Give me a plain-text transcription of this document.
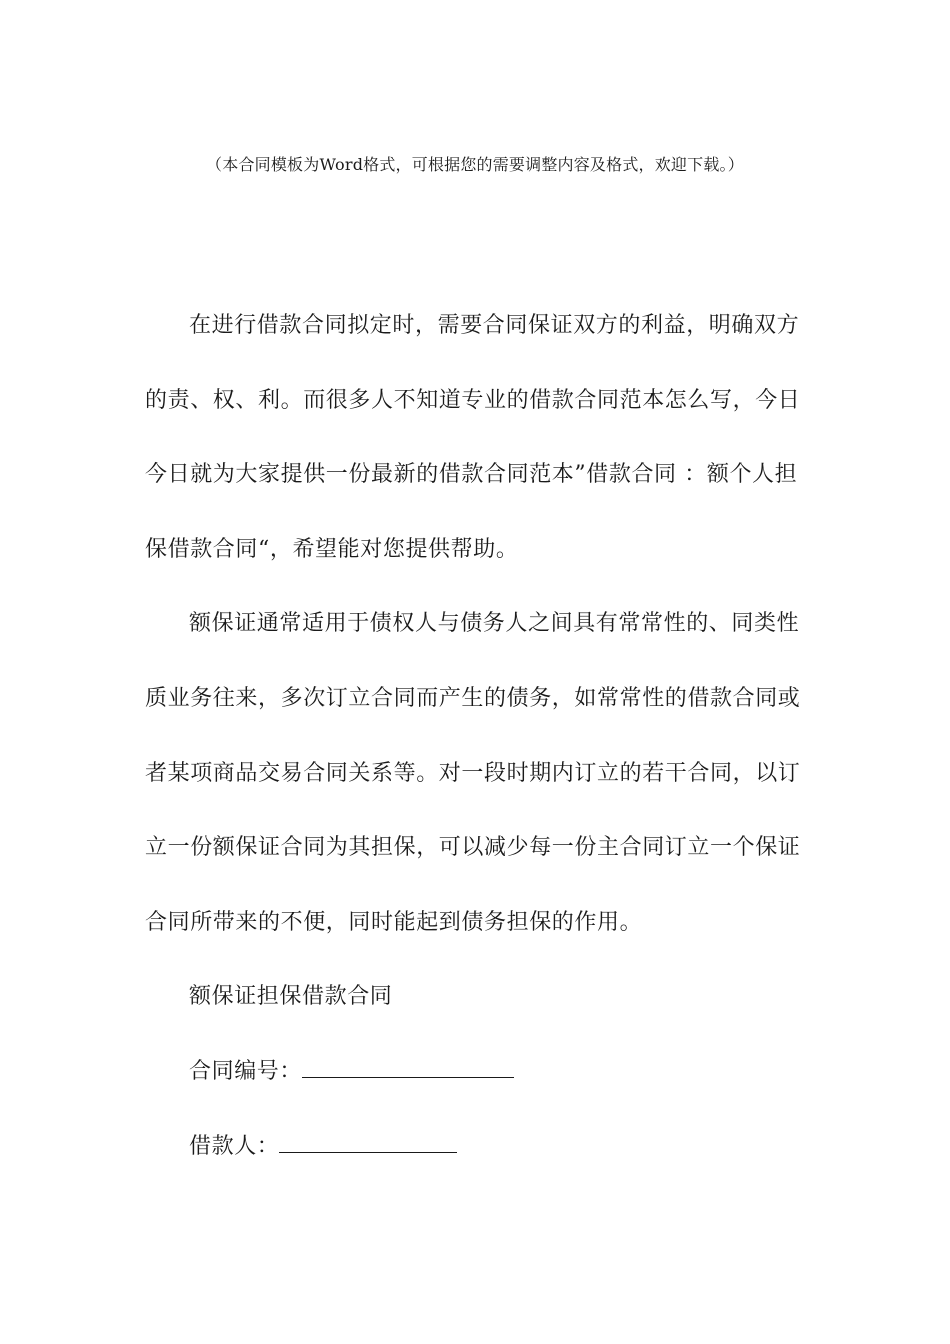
（本合同模板为Word格式，可根据您的需要调整内容及格式，欢迎下载。）

在进行借款合同拟定时，需要合同保证双方的利益，明确双方的责、权、利。而很多人不知道专业的借款合同范本怎么写，今日今日就为大家提供一份最新的借款合同范本”借款合同 ：额个人担保借款合同“，希望能对您提供帮助。

额保证通常适用于债权人与债务人之间具有常常性的、同类性质业务往来，多次订立合同而产生的债务，如常常性的借款合同或者某项商品交易合同关系等。对一段时期内订立的若干合同，以订立一份额保证合同为其担保，可以减少每一份主合同订立一个保证合同所带来的不便，同时能起到债务担保的作用。

额保证担保借款合同

合同编号：

借款人：
